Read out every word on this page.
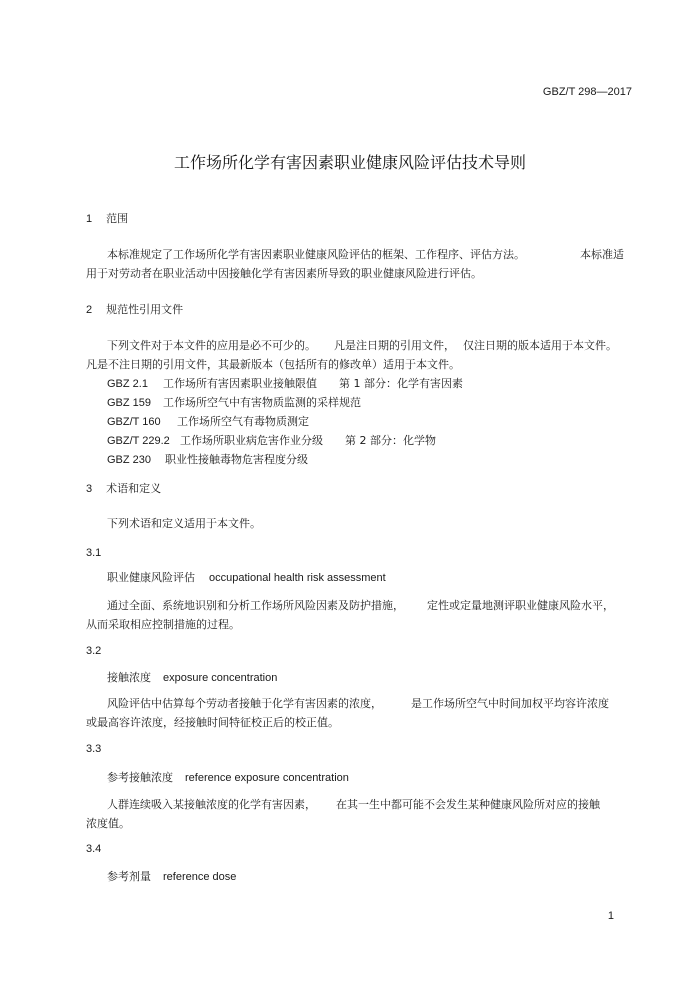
GBZ/T 298—2017
工作场所化学有害因素职业健康风险评估技术导则
1 范围
本标准规定了工作场所化学有害因素职业健康风险评估的框架、工作程序、评估方法。	本标准适
用于对劳动者在职业活动中因接触化学有害因素所导致的职业健康风险进行评估。
2 规范性引用文件
下列文件对于本文件的应用是必不可少的。 凡是注日期的引用文件， 仅注日期的版本适用于本文件。
凡是不注日期的引用文件，其最新版本（包括所有的修改单）适用于本文件。
GBZ 2.1 工作场所有害因素职业接触限值 第 1 部分：化学有害因素
GBZ 159 工作场所空气中有害物质监测的采样规范
GBZ/T 160 工作场所空气有毒物质测定
GBZ/T 229.2 工作场所职业病危害作业分级 第 2 部分：化学物
GBZ 230 职业性接触毒物危害程度分级
3 术语和定义
下列术语和定义适用于本文件。
3.1
职业健康风险评估 occupational health risk assessment
通过全面、系统地识别和分析工作场所风险因素及防护措施， 定性或定量地测评职业健康风险水平，
从而采取相应控制措施的过程。
3.2
接触浓度 exposure concentration
风险评估中估算每个劳动者接触于化学有害因素的浓度，	是工作场所空气中时间加权平均容许浓度
或最高容许浓度，经接触时间特征校正后的校正值。
3.3
参考接触浓度 reference exposure concentration
人群连续吸入某接触浓度的化学有害因素， 在其一生中都可能不会发生某种健康风险所对应的接触
浓度值。
3.4
参考剂量 reference dose
1
